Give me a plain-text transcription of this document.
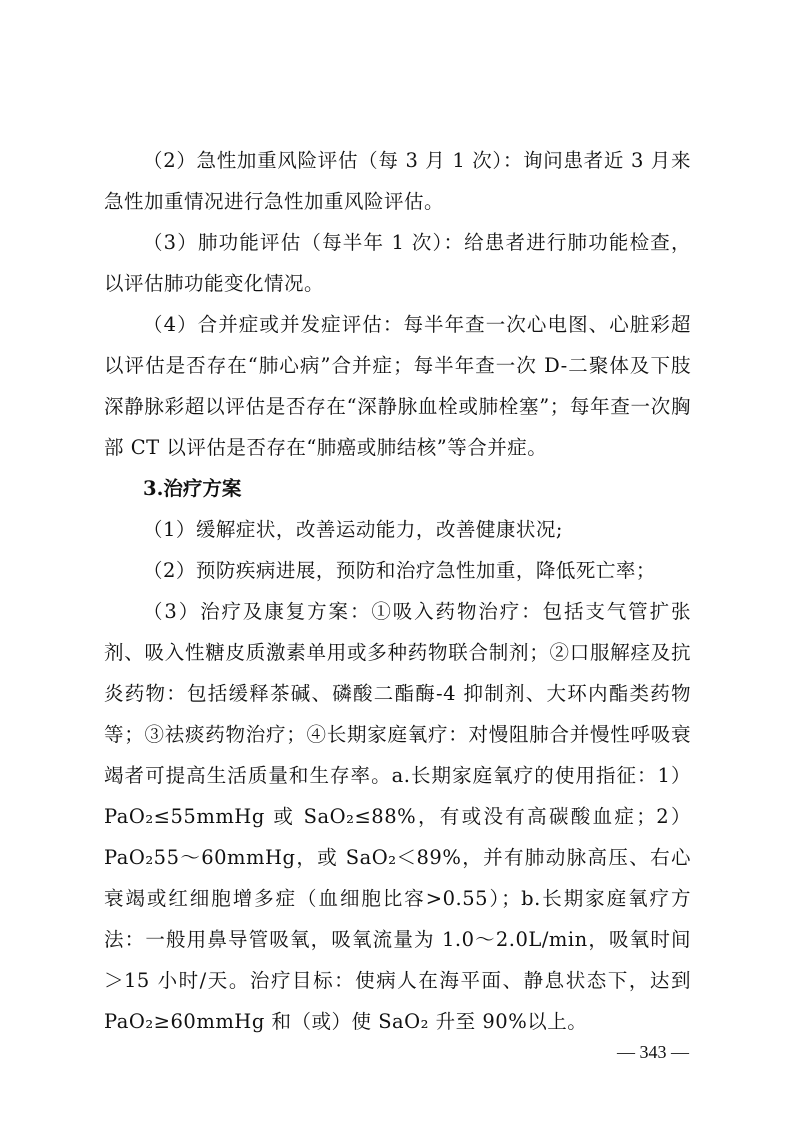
（2）急性加重风险评估（每 3 月 1 次）：询问患者近 3 月来急性加重情况进行急性加重风险评估。

（3）肺功能评估（每半年 1 次）：给患者进行肺功能检查，以评估肺功能变化情况。

（4）合并症或并发症评估：每半年查一次心电图、心脏彩超以评估是否存在“肺心病”合并症；每半年查一次 D-二聚体及下肢深静脉彩超以评估是否存在“深静脉血栓或肺栓塞”；每年查一次胸部 CT 以评估是否存在“肺癌或肺结核”等合并症。

3.治疗方案

（1）缓解症状，改善运动能力，改善健康状况;

（2）预防疾病进展，预防和治疗急性加重，降低死亡率；

（3）治疗及康复方案：①吸入药物治疗：包括支气管扩张剂、吸入性糖皮质激素单用或多种药物联合制剂；②口服解痉及抗炎药物：包括缓释茶碱、磷酸二酯酶-4 抑制剂、大环内酯类药物等；③祛痰药物治疗；④长期家庭氧疗：对慢阻肺合并慢性呼吸衰竭者可提高生活质量和生存率。a.长期家庭氧疗的使用指征：1）PaO₂≤55mmHg 或 SaO₂≤88%，有或没有高碳酸血症；2）PaO₂55～60mmHg，或 SaO₂＜89%，并有肺动脉高压、右心衰竭或红细胞增多症（血细胞比容>0.55）；b.长期家庭氧疗方法：一般用鼻导管吸氧，吸氧流量为 1.0～2.0L/min，吸氧时间＞15 小时/天。治疗目标：使病人在海平面、静息状态下，达到 PaO₂≥60mmHg 和（或）使 SaO₂ 升至 90%以上。

— 343 —
